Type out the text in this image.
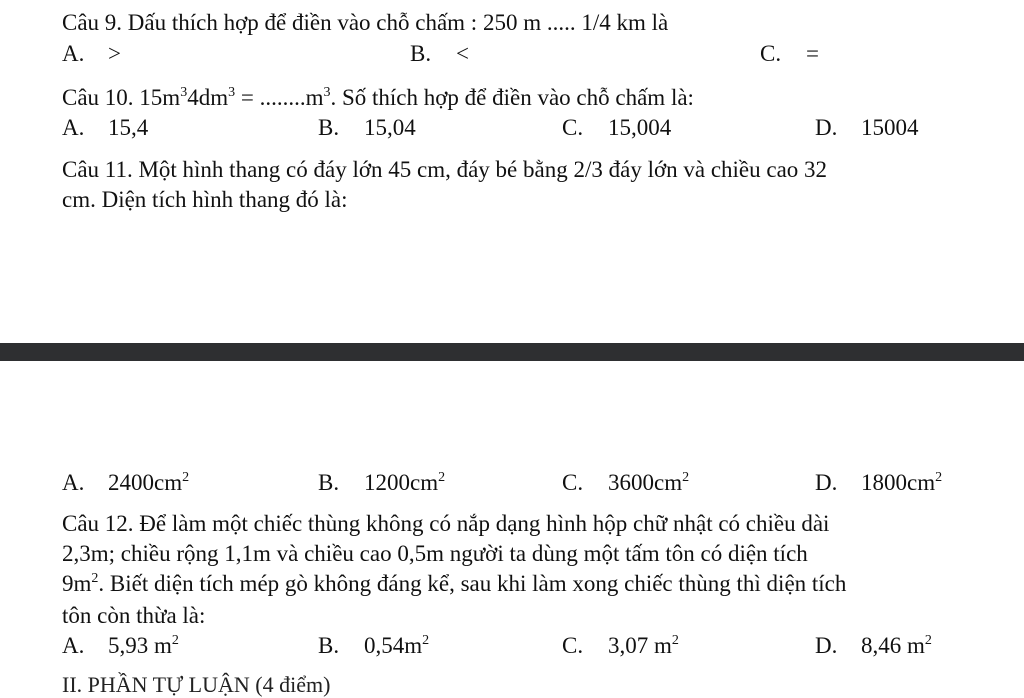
Câu 9. Dấu thích hợp để điền vào chỗ chấm : 250 m ..... 1/4 km là
A. >	B. <	C. =
Câu 10. $15m^34dm^3 = ........m^3$. Số thích hợp để điền vào chỗ chấm là:
A. 15,4	B. 15,04	C. 15,004	D. 15004
Câu 11. Một hình thang có đáy lớn 45 cm, đáy bé bằng 2/3 đáy lớn và chiều cao 32
cm. Diện tích hình thang đó là:
A. $2400cm^2$	B. $1200cm^2$	C. $3600cm^2$	D. $1800cm^2$
Câu 12. Để làm một chiếc thùng không có nắp dạng hình hộp chữ nhật có chiều dài
2,3m; chiều rộng 1,1m và chiều cao 0,5m người ta dùng một tấm tôn có diện tích
$9m^2$. Biết diện tích mép gò không đáng kể, sau khi làm xong chiếc thùng thì diện tích
tôn còn thừa là:
A. 5,93 $m^2$	B. $0,54m^2$	C. 3,07 $m^2$	D. 8,46 $m^2$
II. PHẦN TỰ LUẬN (4 điểm)
